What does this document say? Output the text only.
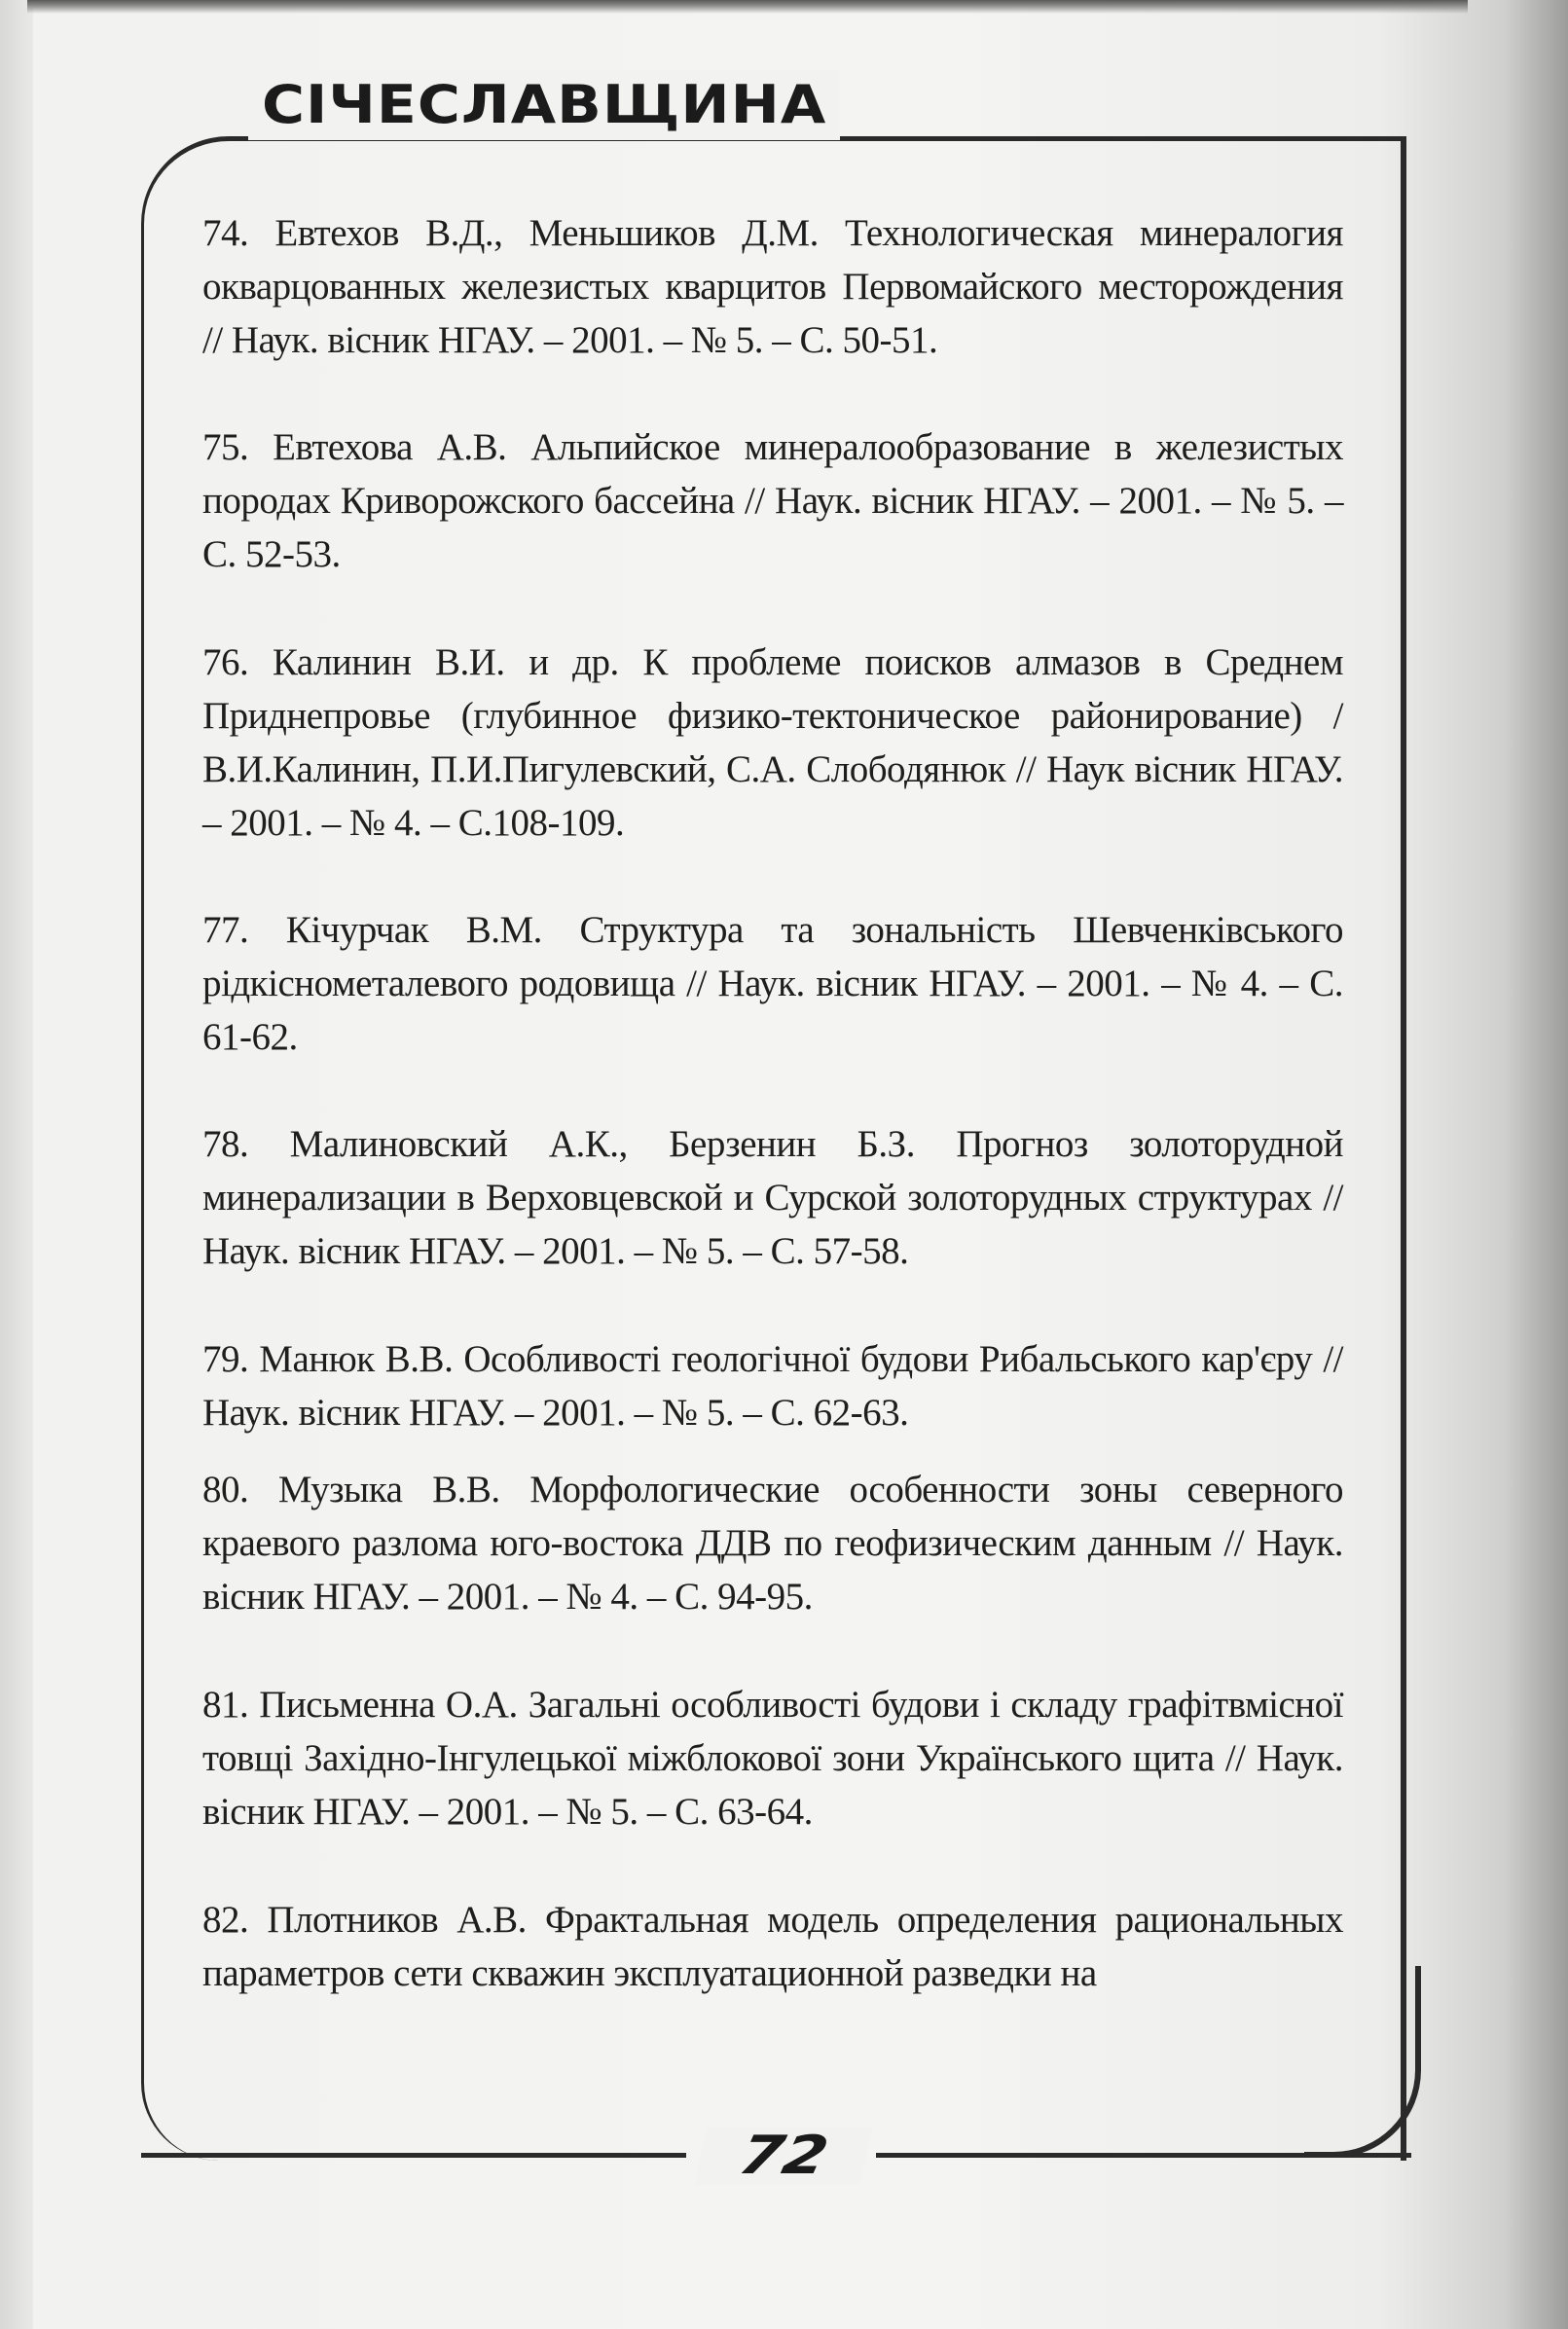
СІЧЕСЛАВЩИНА

74. Евтехов В.Д., Меньшиков Д.М. Технологическая минералогия окварцованных железистых кварцитов Первомайского месторождения // Наук. вісник НГАУ. – 2001. – № 5. – С. 50-51.

75. Евтехова А.В. Альпийское минералообразование в железистых породах Криворожского бассейна // Наук. вісник НГАУ. – 2001. – № 5. – С. 52-53.

76. Калинин В.И. и др. К проблеме поисков алмазов в Среднем Приднепровье (глубинное физико-тектоническое районирование) / В.И.Калинин, П.И.Пигулевский, С.А. Слободянюк // Наук вісник НГАУ. – 2001. – № 4. – С.108-109.

77. Кічурчак В.М. Структура та зональність Шевченківського рідкіснометалевого родовища // Наук. вісник НГАУ. – 2001. – № 4. – С. 61-62.

78. Малиновский А.К., Берзенин Б.З. Прогноз золоторудной минерализации в Верховцевской и Сурской золоторудных структурах // Наук. вісник НГАУ. – 2001. – № 5. – С. 57-58.

79. Манюк В.В. Особливості геологічної будови Рибальського кар'єру // Наук. вісник НГАУ. – 2001. – № 5. – С. 62-63.

80. Музыка В.В. Морфологические особенности зоны северного краевого разлома юго-востока ДДВ по геофизическим данным // Наук. вісник НГАУ. – 2001. – № 4. – С. 94-95.

81. Письменна О.А. Загальні особливості будови і складу графітвмісної товщі Західно-Інгулецької міжблокової зони Українського щита // Наук. вісник НГАУ. – 2001. – № 5. – С. 63-64.

82. Плотников А.В. Фрактальная модель определения рациональных параметров сети скважин эксплуатационной разведки на

72
